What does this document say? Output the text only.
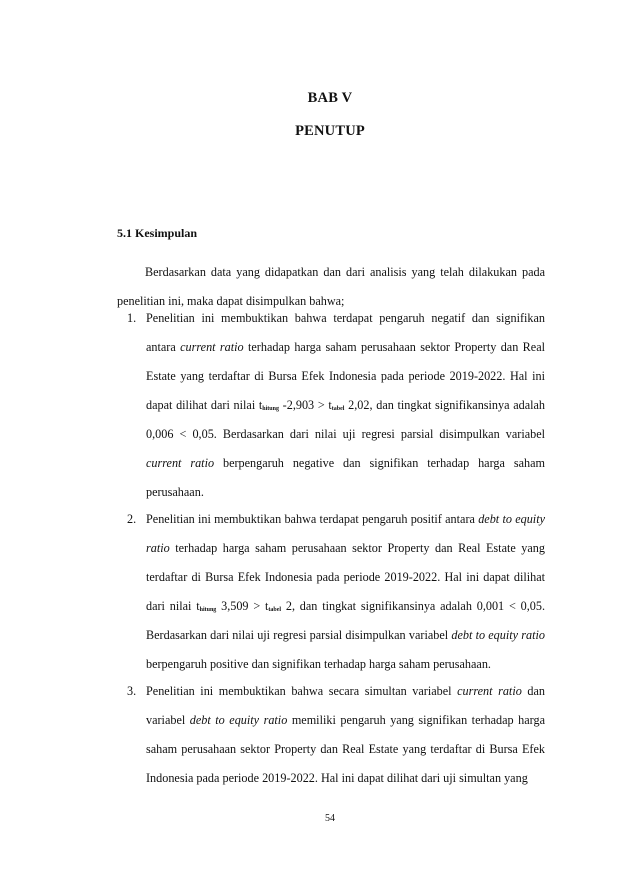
BAB V
PENUTUP
5.1 Kesimpulan

Berdasarkan data yang didapatkan dan dari analisis yang telah dilakukan pada penelitian ini, maka dapat disimpulkan bahwa;

1. Penelitian ini membuktikan bahwa terdapat pengaruh negatif dan signifikan antara current ratio terhadap harga saham perusahaan sektor Property dan Real Estate yang terdaftar di Bursa Efek Indonesia pada periode 2019-2022. Hal ini dapat dilihat dari nilai $t_{hitung}$ $-2,903 > t_{tabel}$ 2,02, dan tingkat signifikansinya adalah 0,006 < 0,05. Berdasarkan dari nilai uji regresi parsial disimpulkan variabel current ratio berpengaruh negative dan signifikan terhadap harga saham perusahaan.
2. Penelitian ini membuktikan bahwa terdapat pengaruh positif antara debt to equity ratio terhadap harga saham perusahaan sektor Property dan Real Estate yang terdaftar di Bursa Efek Indonesia pada periode 2019-2022. Hal ini dapat dilihat dari nilai $t_{hitung}$ $3,509 > t_{tabel}$ 2, dan tingkat signifikansinya adalah 0,001 < 0,05. Berdasarkan dari nilai uji regresi parsial disimpulkan variabel debt to equity ratio berpengaruh positive dan signifikan terhadap harga saham perusahaan.
3. Penelitian ini membuktikan bahwa secara simultan variabel current ratio dan variabel debt to equity ratio memiliki pengaruh yang signifikan terhadap harga saham perusahaan sektor Property dan Real Estate yang terdaftar di Bursa Efek Indonesia pada periode 2019-2022. Hal ini dapat dilihat dari uji simultan yang
54
